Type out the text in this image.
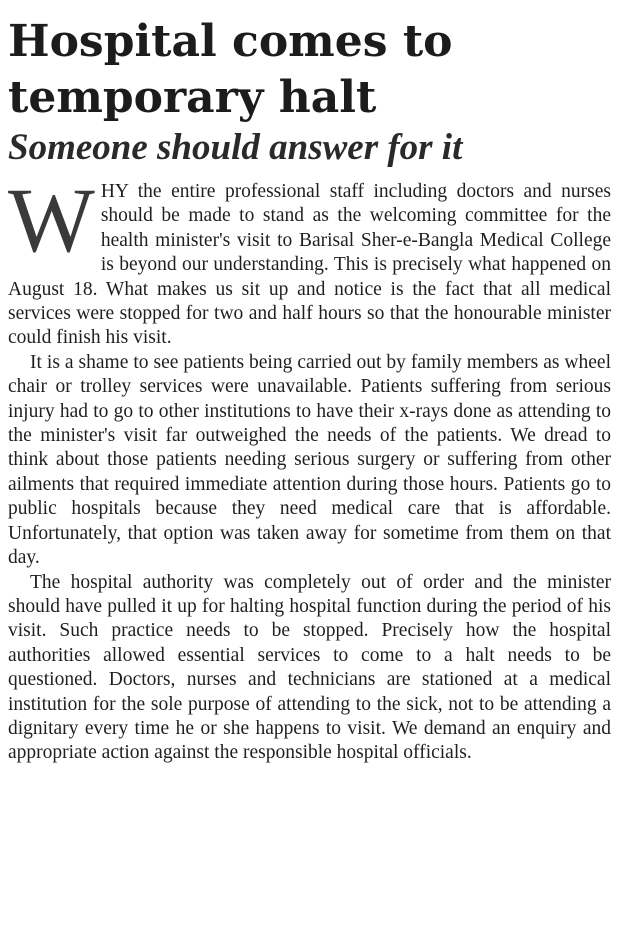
Hospital comes to
temporary halt
Someone should answer for it

W HY the entire professional staff including doctors and nurses should be made to stand as the welcoming committee for the health minister's visit to Barisal Sher-e-Bangla Medical College is beyond our understanding. This is precisely what happened on August 18. What makes us sit up and notice is the fact that all medical services were stopped for two and half hours so that the honourable minister could finish his visit.

It is a shame to see patients being carried out by family members as wheel chair or trolley services were unavailable. Patients suffering from serious injury had to go to other institutions to have their x-rays done as attending to the minister's visit far outweighed the needs of the patients. We dread to think about those patients needing serious surgery or suffering from other ailments that required immediate attention during those hours. Patients go to public hospitals because they need medical care that is affordable. Unfortunately, that option was taken away for sometime from them on that day.

The hospital authority was completely out of order and the minister should have pulled it up for halting hospital function during the period of his visit. Such practice needs to be stopped. Precisely how the hospital authorities allowed essential services to come to a halt needs to be questioned. Doctors, nurses and technicians are stationed at a medical institution for the sole purpose of attending to the sick, not to be attending a dignitary every time he or she happens to visit. We demand an enquiry and appropriate action against the responsible hospital officials.
